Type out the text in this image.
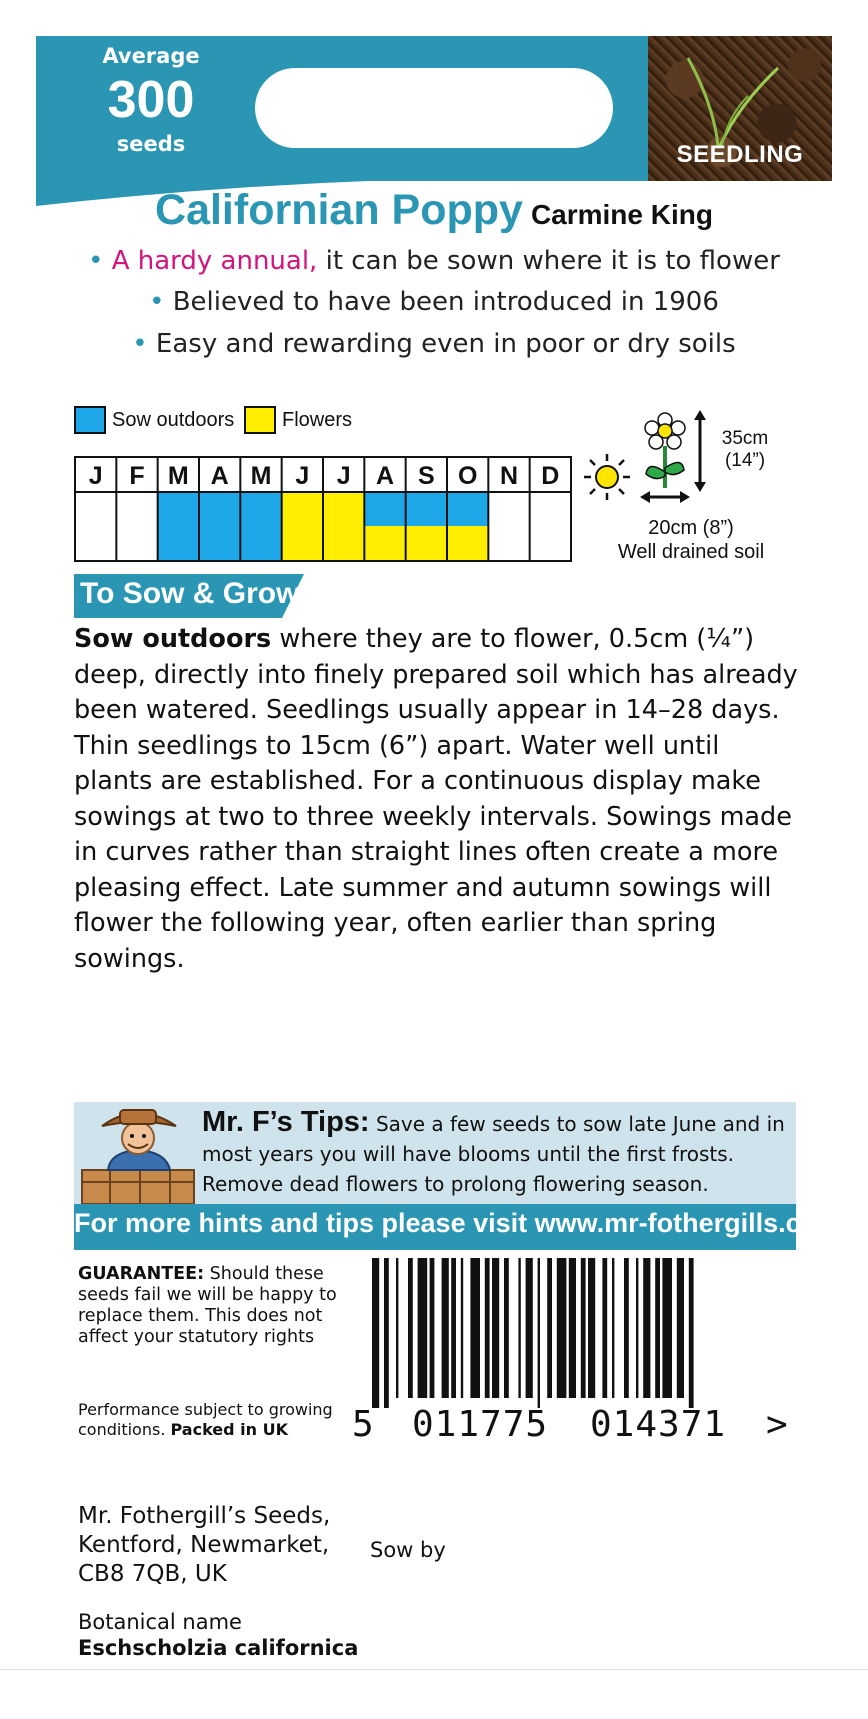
Average
300
seeds	SEEDLING
Californian Poppy Carmine King
• A hardy annual, it can be sown where it is to flower
• Believed to have been introduced in 1906
• Easy and rewarding even in poor or dry soils
Sow outdoors Flowers
J F M A M J J A S O N D
35cm
(14”)
20cm (8”)
Well drained soil
To Sow & Grow
Sow outdoors where they are to flower, 0.5cm (¼”) deep, directly into finely prepared soil which has already been watered. Seedlings usually appear in 14–28 days. Thin seedlings to 15cm (6”) apart. Water well until plants are established. For a continuous display make sowings at two to three weekly intervals. Sowings made in curves rather than straight lines often create a more pleasing effect. Late summer and autumn sowings will flower the following year, often earlier than spring sowings.
Mr. F’s Tips: Save a few seeds to sow late June and in most years you will have blooms until the first frosts. Remove dead flowers to prolong flowering season.
For more hints and tips please visit www.mr-fothergills.co.uk
GUARANTEE: Should these seeds fail we will be happy to replace them. This does not affect your statutory rights
Performance subject to growing conditions. Packed in UK	5 011775 014371 >
Mr. Fothergill’s Seeds,
Kentford, Newmarket,
CB8 7QB, UK
Sow by
Botanical name
Eschscholzia californica
